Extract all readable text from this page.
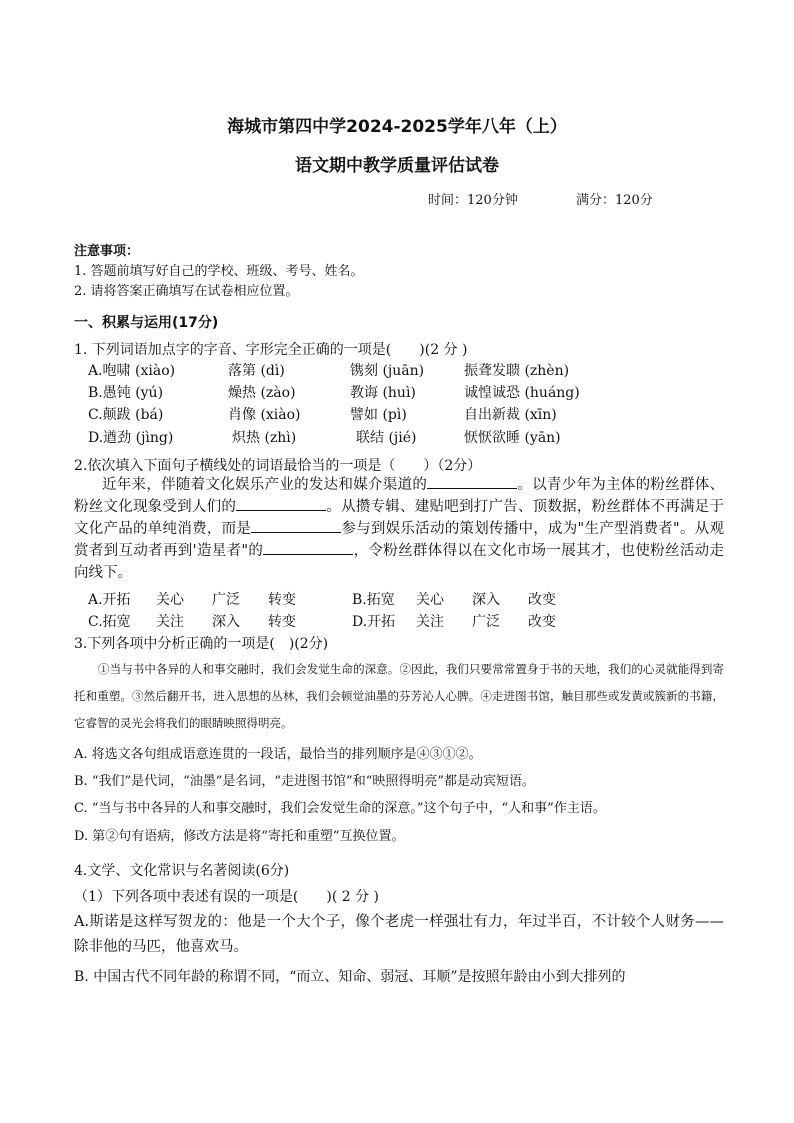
海城市第四中学2024-2025学年八年（上）
语文期中教学质量评估试卷
时间：120分钟	满分：120分
注意事项：
1. 答题前填写好自己的学校、班级、考号、姓名。
2. 请将答案正确填写在试卷相应位置。
一、积累与运用(17分)
1. 下列词语加点字的字音、字形完全正确的一项是(　　)(2 分 )
A.咆啸 (xiào)	落第 (dì)	镌刻 (juān)	振聋发聩 (zhèn)
B.愚钝 (yú)	燥热 (zào)	教诲 (huì)	诚惶诚恐 (huáng)
C.颠跋 (bá)	肖像 (xiào)	譬如 (pì)	自出新裁 (xīn)
D.遒劲 (jìng)	炽热 (zhì)	联结 (jié)	恹恹欲睡 (yān)
2.依次填入下面句子横线处的词语最恰当的一项是（　　）（2分）
近年来，伴随着文化娱乐产业的发达和媒介渠道的	。以青少年为主体的粉丝群体、粉丝文化现象受到人们的	。从攒专辑、建贴吧到打广告、顶数据，粉丝群体不再满足于文化产品的单纯消费，而是	参与到娱乐活动的策划传播中，成为"生产型消费者"。从观赏者到互动者再到'造星者"的	，令粉丝群体得以在文化市场一展其才，也使粉丝活动走向线下。
A.开拓 关心 广泛 转变	B.拓宽 关心 深入 改变
C.拓宽 关注 深入 转变	D.开拓 关注 广泛 改变
3.下列各项中分析正确的一项是(　)(2分)
①当与书中各异的人和事交融时，我们会发觉生命的深意。②因此，我们只要常常置身于书的天地，我们的心灵就能得到寄托和重塑。③然后翻开书，进入思想的丛林，我们会顿觉油墨的芬芳沁人心脾。④走进图书馆，触目那些或发黄或簇新的书籍，它睿智的灵光会将我们的眼睛映照得明亮。
A. 将选文各句组成语意连贯的一段话，最恰当的排列顺序是④③①②。
B. “我们”是代词，“油墨”是名词，“走进图书馆”和“映照得明亮”都是动宾短语。
C. “当与书中各异的人和事交融时，我们会发觉生命的深意。”这个句子中，“人和事”作主语。
D. 第②句有语病，修改方法是将“寄托和重塑”互换位置。
4.文学、文化常识与名著阅读(6分)
（1）下列各项中表述有误的一项是(　　)( 2 分 )
A.斯诺是这样写贺龙的：他是一个大个子，像个老虎一样强壮有力，年过半百，不计较个人财务——除非他的马匹，他喜欢马。
B. 中国古代不同年龄的称谓不同，“而立、知命、弱冠、耳顺”是按照年龄由小到大排列的
